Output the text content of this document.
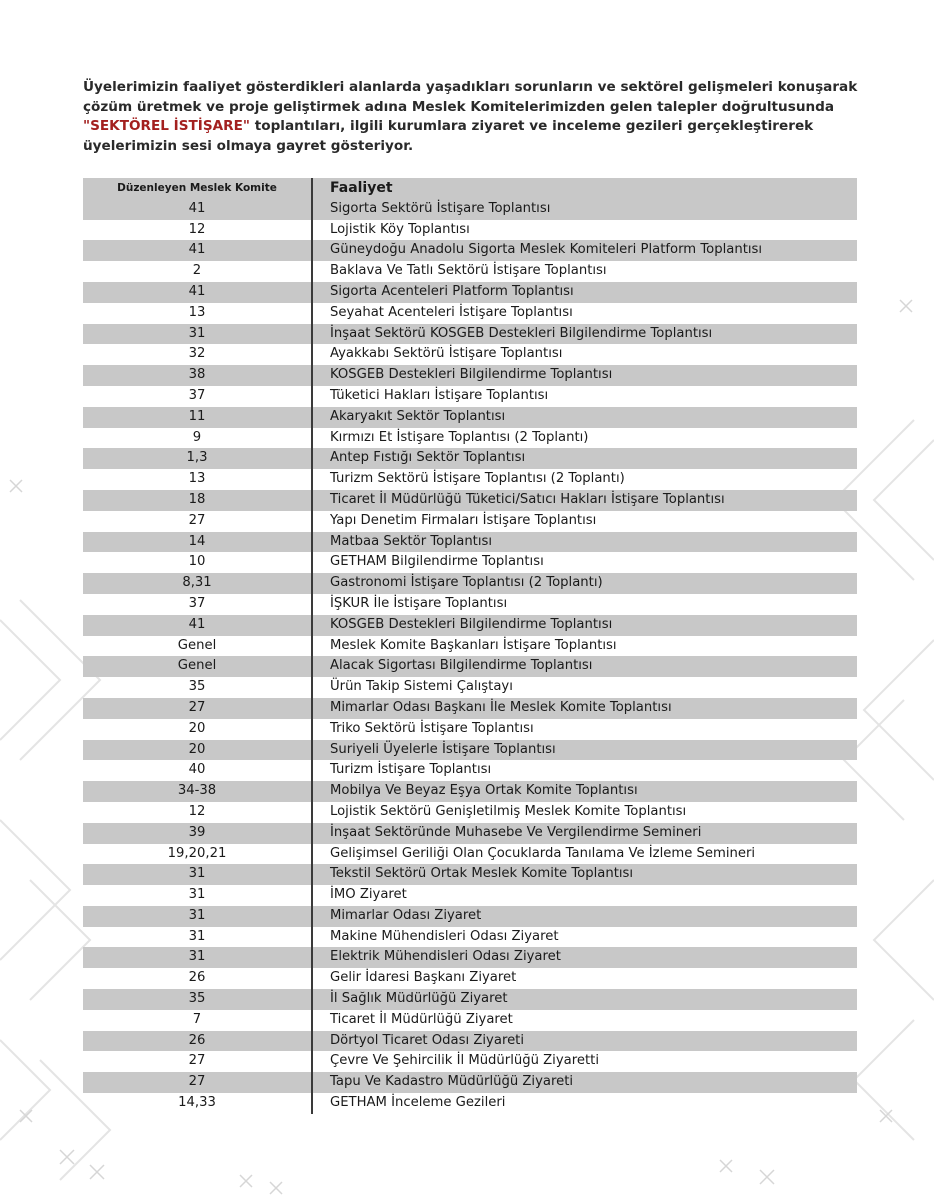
Üyelerimizin faaliyet gösterdikleri alanlarda yaşadıkları sorunların ve sektörel gelişmeleri konuşarak çözüm üretmek ve proje geliştirmek adına Meslek Komitelerimizden gelen talepler doğrultusunda "SEKTÖREL İSTİŞARE" toplantıları, ilgili kurumlara ziyaret ve inceleme gezileri gerçekleştirerek üyelerimizin sesi olmaya gayret gösteriyor.

Düzenleyen Meslek Komite	Faaliyet
41	Sigorta Sektörü İstişare Toplantısı
12	Lojistik Köy Toplantısı
41	Güneydoğu Anadolu Sigorta Meslek Komiteleri Platform Toplantısı
2	Baklava Ve Tatlı Sektörü İstişare Toplantısı
41	Sigorta Acenteleri Platform Toplantısı
13	Seyahat Acenteleri İstişare Toplantısı
31	İnşaat Sektörü KOSGEB Destekleri Bilgilendirme Toplantısı
32	Ayakkabı Sektörü İstişare Toplantısı
38	KOSGEB Destekleri Bilgilendirme Toplantısı
37	Tüketici Hakları İstişare Toplantısı
11	Akaryakıt Sektör Toplantısı
9	Kırmızı Et İstişare Toplantısı (2 Toplantı)
1,3	Antep Fıstığı Sektör Toplantısı
13	Turizm Sektörü İstişare Toplantısı (2 Toplantı)
18	Ticaret İl Müdürlüğü Tüketici/Satıcı Hakları İstişare Toplantısı
27	Yapı Denetim Firmaları İstişare Toplantısı
14	Matbaa Sektör Toplantısı
10	GETHAM Bilgilendirme Toplantısı
8,31	Gastronomi İstişare Toplantısı (2 Toplantı)
37	İŞKUR İle İstişare Toplantısı
41	KOSGEB Destekleri Bilgilendirme Toplantısı
Genel	Meslek Komite Başkanları İstişare Toplantısı
Genel	Alacak Sigortası Bilgilendirme Toplantısı
35	Ürün Takip Sistemi Çalıştayı
27	Mimarlar Odası Başkanı İle Meslek Komite Toplantısı
20	Triko Sektörü İstişare Toplantısı
20	Suriyeli Üyelerle İstişare Toplantısı
40	Turizm İstişare Toplantısı
34-38	Mobilya Ve Beyaz Eşya Ortak Komite Toplantısı
12	Lojistik Sektörü Genişletilmiş Meslek Komite Toplantısı
39	İnşaat Sektöründe Muhasebe Ve Vergilendirme Semineri
19,20,21	Gelişimsel Geriliği Olan Çocuklarda Tanılama Ve İzleme Semineri
31	Tekstil Sektörü Ortak Meslek Komite Toplantısı
31	İMO Ziyaret
31	Mimarlar Odası Ziyaret
31	Makine Mühendisleri Odası Ziyaret
31	Elektrik Mühendisleri Odası Ziyaret
26	Gelir İdaresi Başkanı Ziyaret
35	İl Sağlık Müdürlüğü Ziyaret
7	Ticaret İl Müdürlüğü Ziyaret
26	Dörtyol Ticaret Odası Ziyareti
27	Çevre Ve Şehircilik İl Müdürlüğü Ziyaretti
27	Tapu Ve Kadastro Müdürlüğü Ziyareti
14,33	GETHAM İnceleme Gezileri
